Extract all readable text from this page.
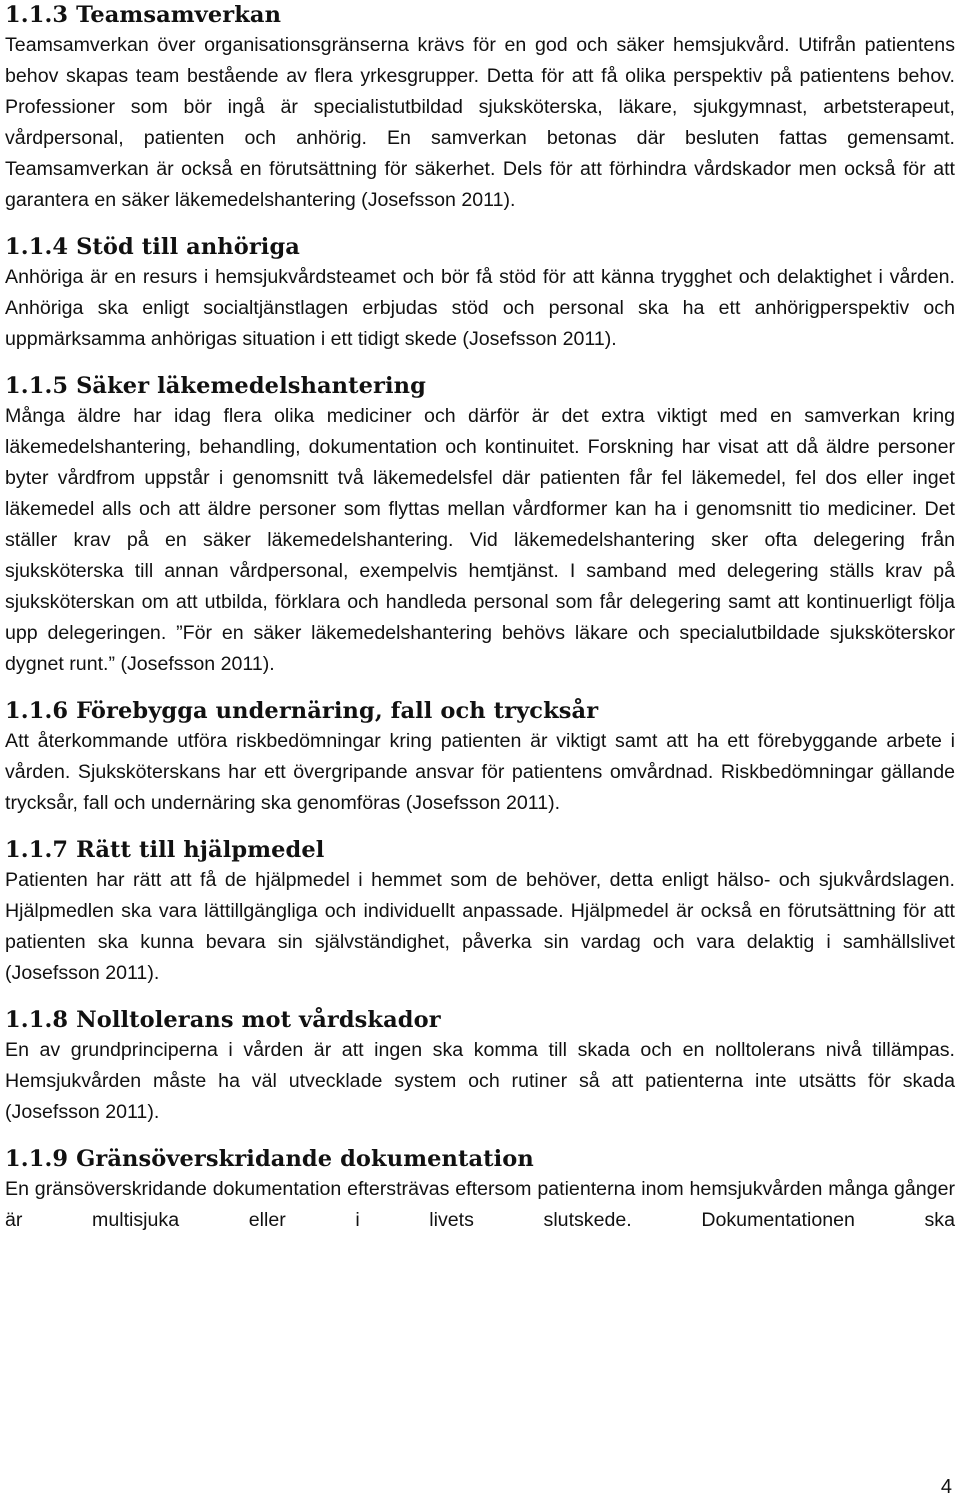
1.1.3 Teamsamverkan

Teamsamverkan över organisationsgränserna krävs för en god och säker hemsjukvård. Utifrån patientens behov skapas team bestående av flera yrkesgrupper. Detta för att få olika perspektiv på patientens behov. Professioner som bör ingå är specialistutbildad sjuksköterska, läkare, sjukgymnast, arbetsterapeut, vårdpersonal, patienten och anhörig. En samverkan betonas där besluten fattas gemensamt. Teamsamverkan är också en förutsättning för säkerhet. Dels för att förhindra vårdskador men också för att garantera en säker läkemedelshantering (Josefsson 2011).

1.1.4 Stöd till anhöriga

Anhöriga är en resurs i hemsjukvårdsteamet och bör få stöd för att känna trygghet och delaktighet i vården. Anhöriga ska enligt socialtjänstlagen erbjudas stöd och personal ska ha ett anhörigperspektiv och uppmärksamma anhörigas situation i ett tidigt skede (Josefsson 2011).

1.1.5 Säker läkemedelshantering

Många äldre har idag flera olika mediciner och därför är det extra viktigt med en samverkan kring läkemedelshantering, behandling, dokumentation och kontinuitet. Forskning har visat att då äldre personer byter vårdfrom uppstår i genomsnitt två läkemedelsfel där patienten får fel läkemedel, fel dos eller inget läkemedel alls och att äldre personer som flyttas mellan vårdformer kan ha i genomsnitt tio mediciner. Det ställer krav på en säker läkemedelshantering. Vid läkemedelshantering sker ofta delegering från sjuksköterska till annan vårdpersonal, exempelvis hemtjänst. I samband med delegering ställs krav på sjuksköterskan om att utbilda, förklara och handleda personal som får delegering samt att kontinuerligt följa upp delegeringen. ”För en säker läkemedelshantering behövs läkare och specialutbildade sjuksköterskor dygnet runt.” (Josefsson 2011).

1.1.6 Förebygga undernäring, fall och trycksår

Att återkommande utföra riskbedömningar kring patienten är viktigt samt att ha ett förebyggande arbete i vården. Sjuksköterskans har ett övergripande ansvar för patientens omvårdnad. Riskbedömningar gällande trycksår, fall och undernäring ska genomföras (Josefsson 2011).

1.1.7 Rätt till hjälpmedel

Patienten har rätt att få de hjälpmedel i hemmet som de behöver, detta enligt hälso- och sjukvårdslagen. Hjälpmedlen ska vara lättillgängliga och individuellt anpassade. Hjälpmedel är också en förutsättning för att patienten ska kunna bevara sin självständighet, påverka sin vardag och vara delaktig i samhällslivet (Josefsson 2011).

1.1.8 Nolltolerans mot vårdskador

En av grundprinciperna i vården är att ingen ska komma till skada och en nolltolerans nivå tillämpas. Hemsjukvården måste ha väl utvecklade system och rutiner så att patienterna inte utsätts för skada (Josefsson 2011).

1.1.9 Gränsöverskridande dokumentation

En gränsöverskridande dokumentation eftersträvas eftersom patienterna inom hemsjukvården många gånger är multisjuka eller i livets slutskede. Dokumentationen ska

4
